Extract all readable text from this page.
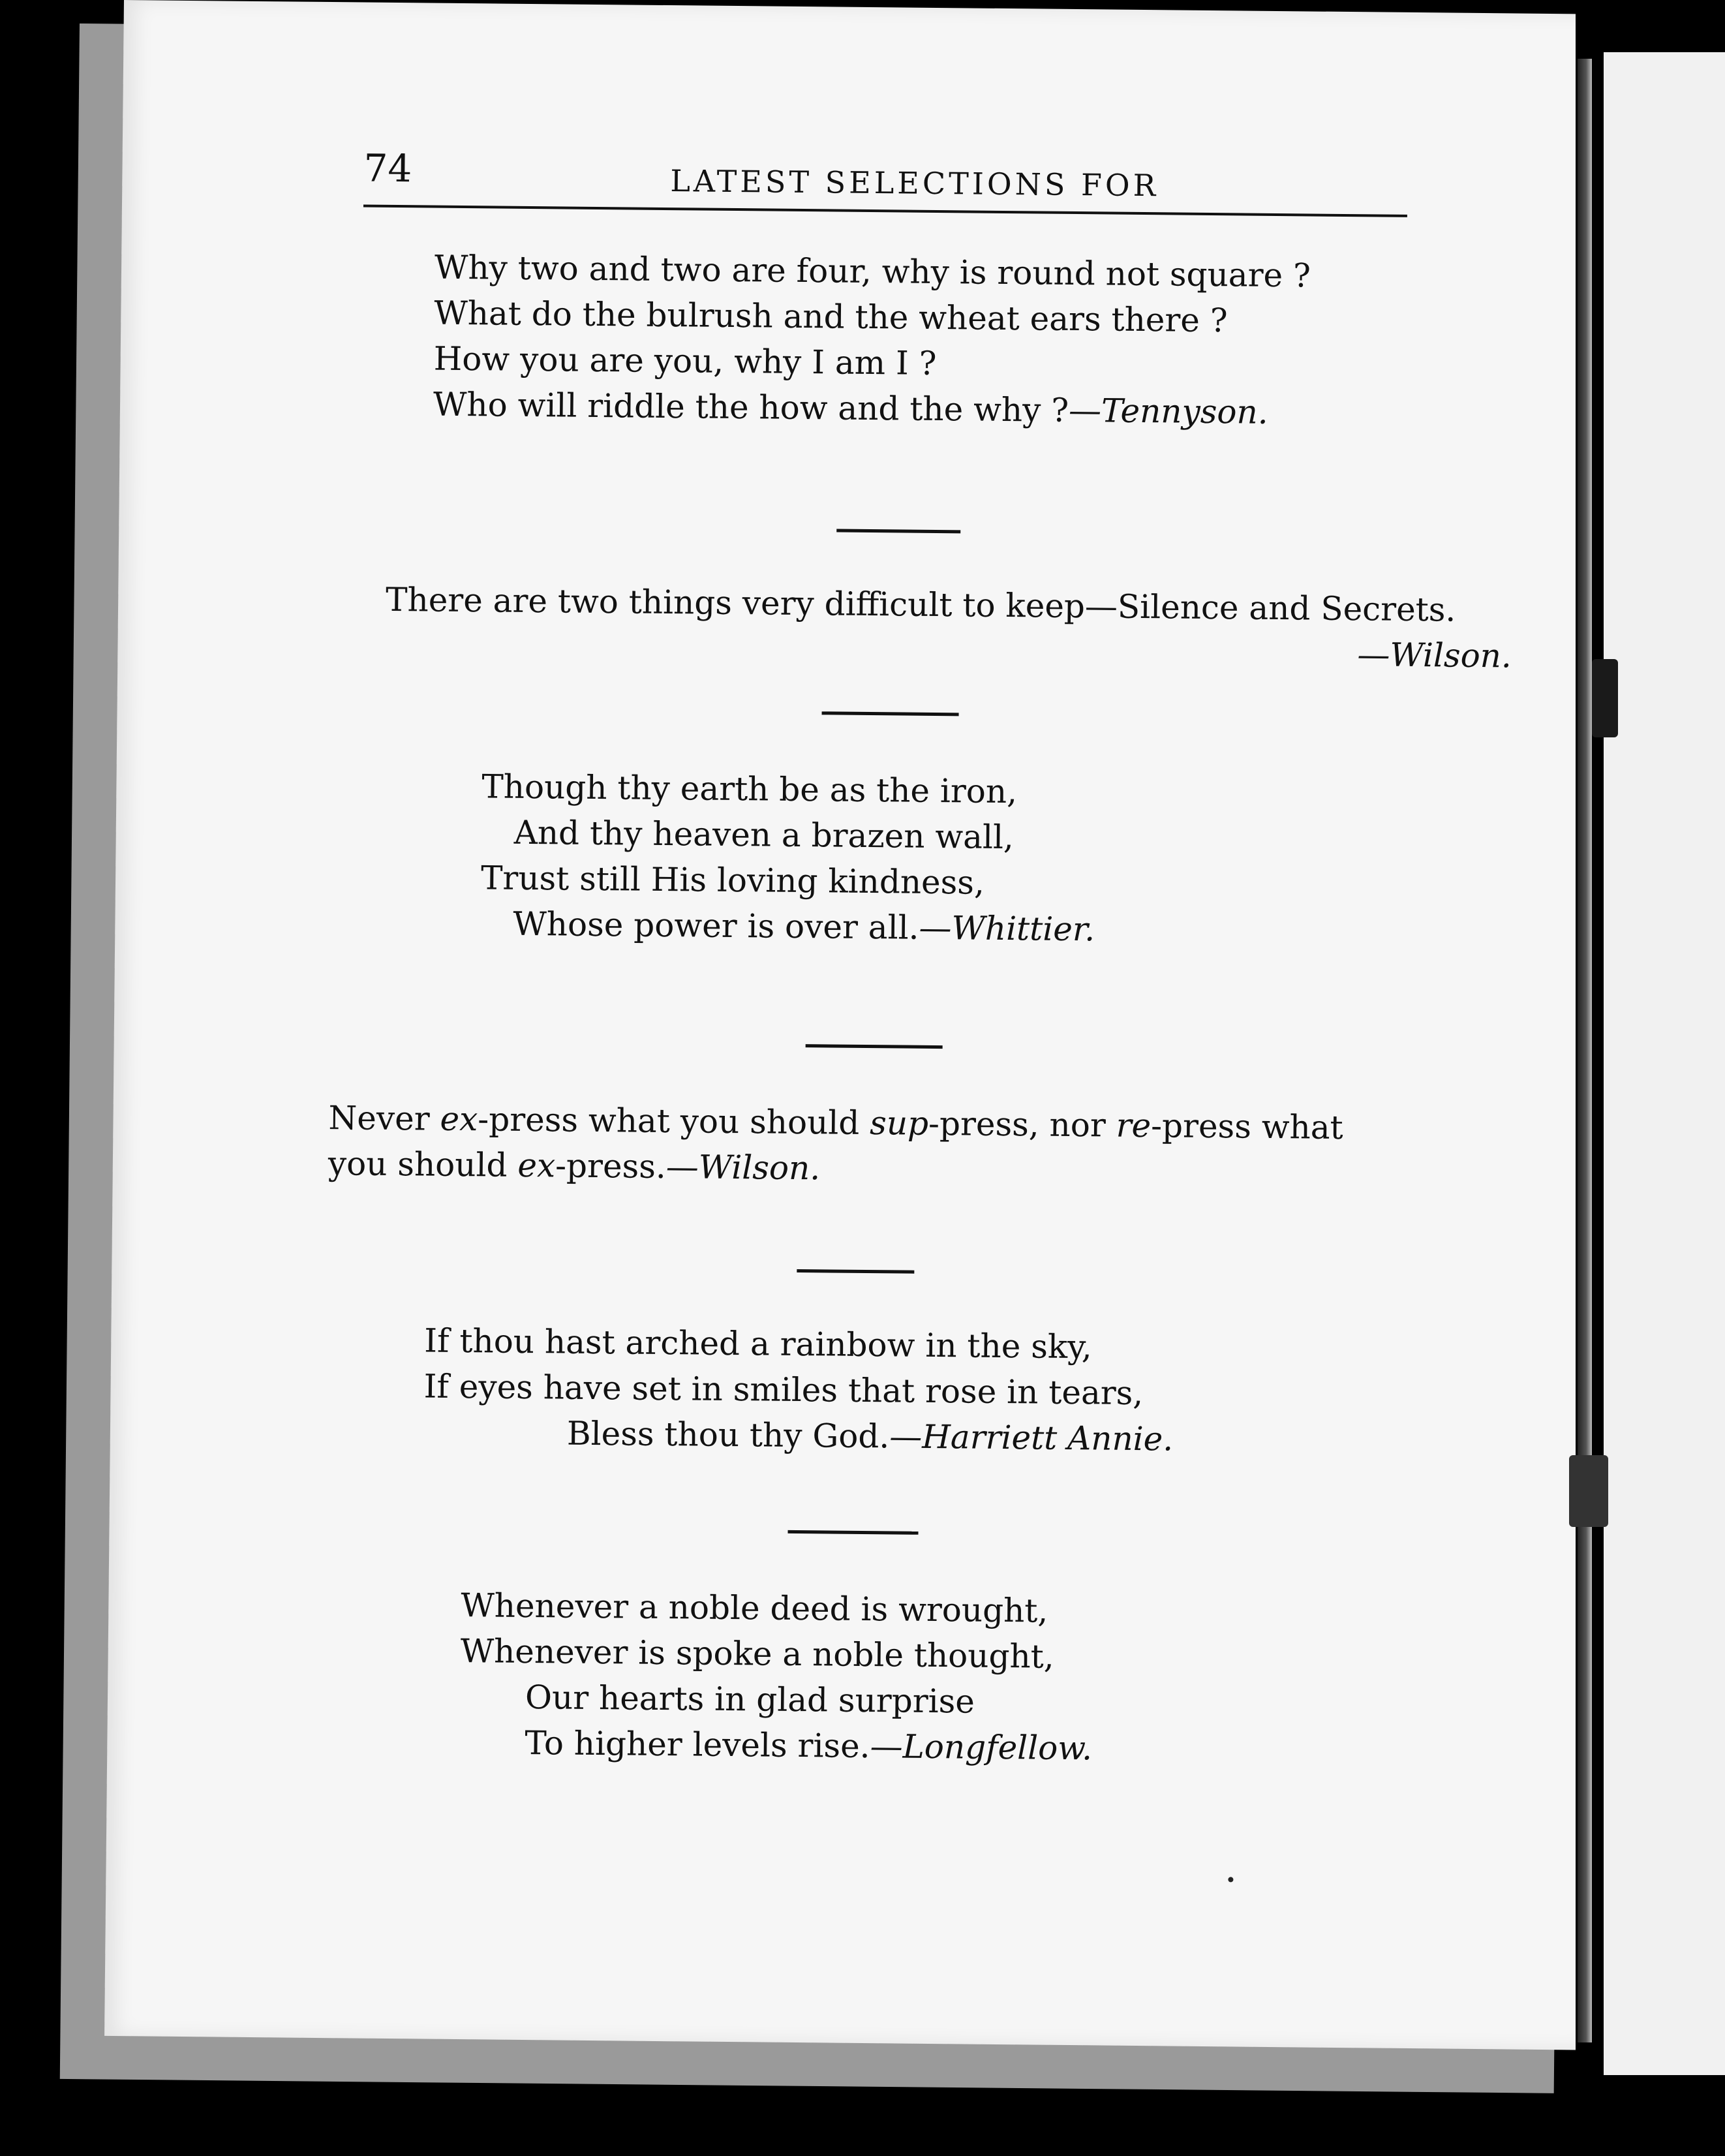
74	LATEST SELECTIONS FOR
Why two and two are four, why is round not square ?
What do the bulrush and the wheat ears there ?
How you are you, why I am I ?
Who will riddle the how and the why ?—Tennyson.
There are two things very difficult to keep—Silence and Secrets.
—Wilson.
Though thy earth be as the iron,
And thy heaven a brazen wall,
Trust still His loving kindness,
Whose power is over all.—Whittier.
Never ex-press what you should sup-press, nor re-press what
you should ex-press.—Wilson.
If thou hast arched a rainbow in the sky,
If eyes have set in smiles that rose in tears,
Bless thou thy God.—Harriett Annie.
Whenever a noble deed is wrought,
Whenever is spoke a noble thought,
Our hearts in glad surprise
To higher levels rise.—Longfellow.
